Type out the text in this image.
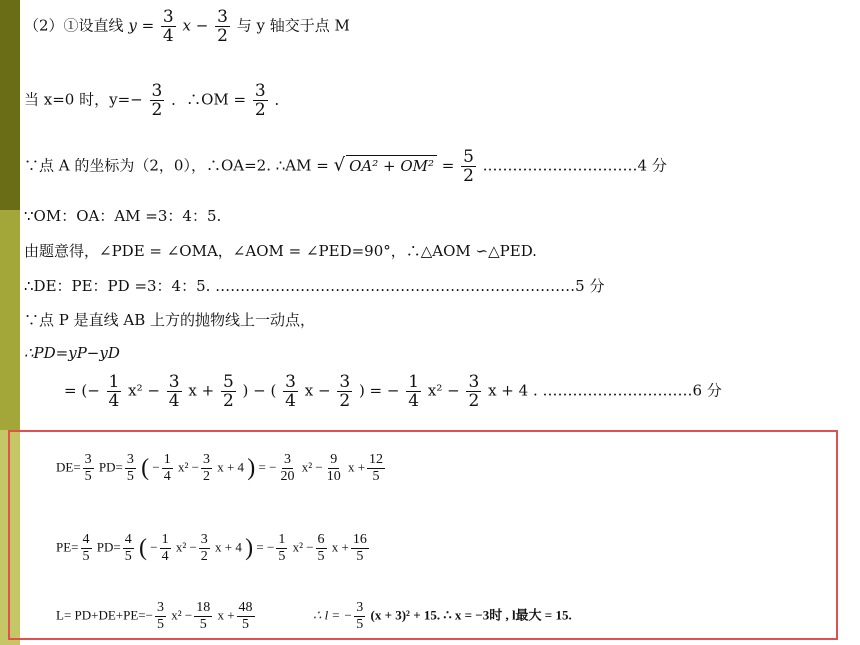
（2）①设直线 $y = \frac{3}{4}$ $x - \frac{3}{2}$ 与 y 轴交于点 M
当 x=0 时，$y=- \frac{3}{2}$ ．∴OM = $\frac{3}{2}$ ．
∵点 A 的坐标为（2，0），∴OA=2. ∴AM = √ $OA^2 + OM^2 = \frac{5}{2}$ .…………………………4 分
∵OM：OA：AM =3：4：5.
由题意得，∠PDE = ∠OMA，∠AOM = ∠PED=90°，∴△AOM ∽△PED.
∴DE：PE：PD =3：4：5. ………………………………………………………………5 分
∵点 P 是直线 AB 上方的抛物线上一动点，
∴PD=yP−yD
= (− $\frac{1}{4} x^2 - \frac{3}{4}$ $x + \frac{5}{2}$ ) − ( $\frac{3}{4}$ $x - \frac{3}{2}$ ) = − $\frac{1}{4} x^2 - \frac{3}{2}$ x + 4 . …………………………6 分
$DE= \frac{3}{5} PD= \frac{3}{5}$ ( − $\frac{1}{4} x^2 - \frac{3}{2}$ x + 4 ) = − $\frac{3}{20} x^2 - \frac{9}{10}$ $x + \frac{12}{5}$
$PE= \frac{4}{5} PD= \frac{4}{5}$ ( − $\frac{1}{4} x^2 - \frac{3}{2}$ x + 4 ) = − $\frac{1}{5} x^2 - \frac{6}{5}$ $x + \frac{16}{5}$
$L= PD+DE+PE=- \frac{3}{5} x^2 - \frac{18}{5}$ $x + \frac{48}{5}$	∴ l = − $\frac{3}{5} (x + 3)^2 + 15$. ∴ x = −3时 , l最大 = 15.
